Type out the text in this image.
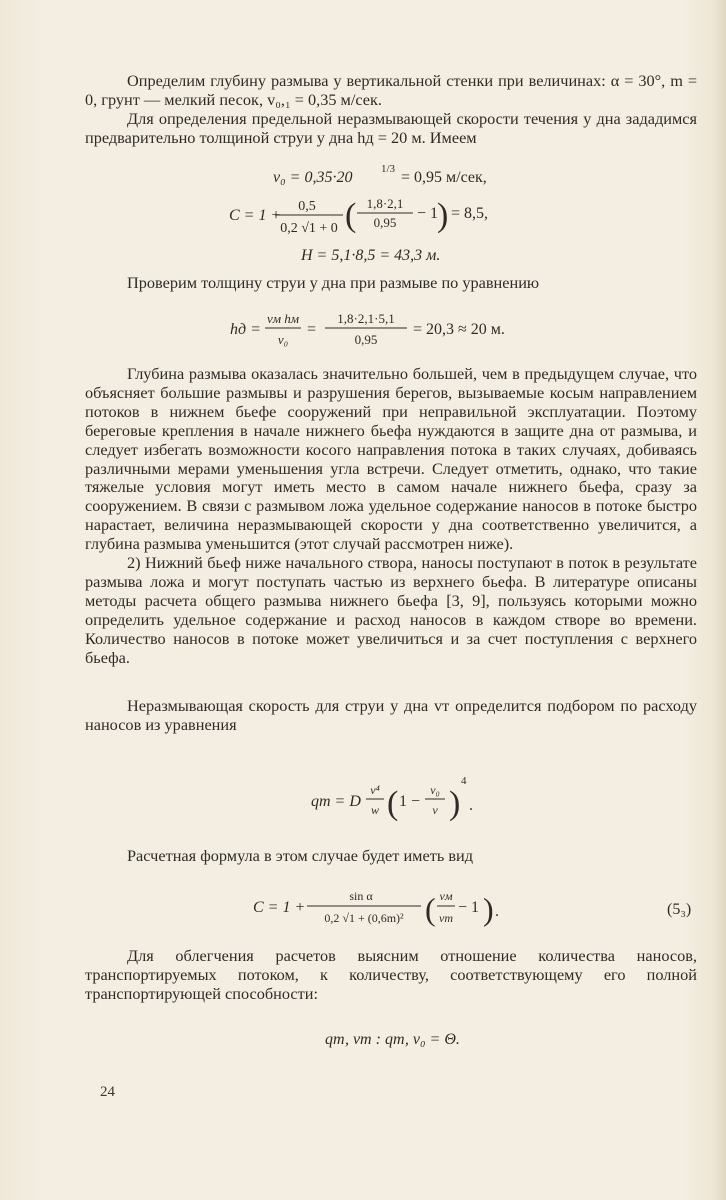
Определим глубину размыва у вертикальной стенки при величинах: α = 30°, m = 0, грунт — мелкий песок, v₀,₁ = 0,35 м/сек.

Для определения предельной неразмывающей скорости течения у дна зададимся предварительно толщиной струи у дна hд = 20 м. Имеем

v₀ = 0,35·20	1/3 = 0,95 м/сек,
C = 1 +
0,5
0,2 √1 + 0 ( 1,8·2,1
0,95
− 1
) = 8,5,
H = 5,1·8,5 = 43,3 м.

Проверим толщину струи у дна при размыве по уравнению

hд =
vм hм
v₀
=
1,8·2,1·5,1
0,95
= 20,3 ≈ 20 м.

Глубина размыва оказалась значительно большей, чем в предыдущем случае, что объясняет большие размывы и разрушения берегов, вызываемые косым направлением потоков в нижнем бьефе сооружений при неправильной эксплуатации. Поэтому береговые крепления в начале нижнего бьефа нуждаются в защите дна от размыва, и следует избегать возможности косого направления потока в таких случаях, добиваясь различными мерами уменьшения угла встречи. Следует отметить, однако, что такие тяжелые условия могут иметь место в самом начале нижнего бьефа, сразу за сооружением. В связи с размывом ложа удельное содержание наносов в потоке быстро нарастает, величина неразмывающей скорости у дна соответственно увеличится, а глубина размыва уменьшится (этот случай рассмотрен ниже).

2) Нижний бьеф ниже начального створа, наносы поступают в поток в результате размыва ложа и могут поступать частью из верхнего бьефа. В литературе описаны методы расчета общего размыва нижнего бьефа [3, 9], пользуясь которыми можно определить удельное содержание и расход наносов в каждом створе во времени. Количество наносов в потоке может увеличиться и за счет поступления с верхнего бьефа.

Неразмывающая скорость для струи у дна vт определится подбором по расходу наносов из уравнения

qт = D
v⁴
w ( 1 −
v₀
v )
4
.

Расчетная формула в этом случае будет иметь вид

C = 1 +
sin α
0,2 √1 + (0,6m)² ( vм
vт
− 1 ) .	(5₃)

Для облегчения расчетов выясним отношение количества наносов, транспортируемых потоком, к количеству, соответствующему его полной транспортирующей способности:

qт, vт : qт, v₀ = Θ.
24
